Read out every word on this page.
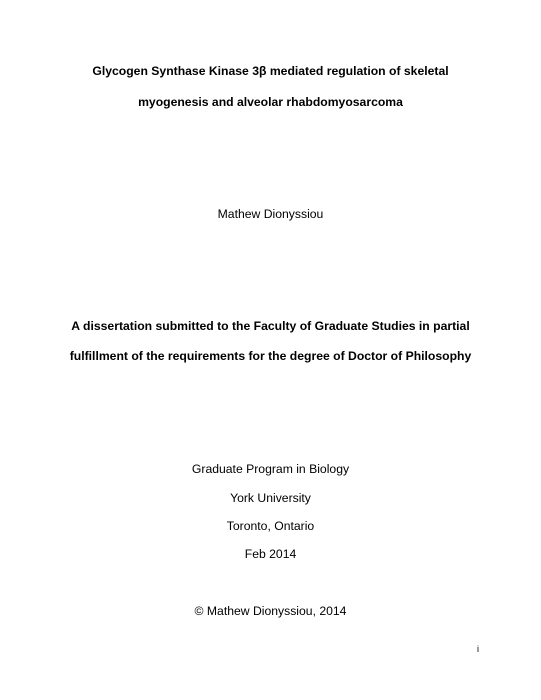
Glycogen Synthase Kinase 3β mediated regulation of skeletal
myogenesis and alveolar rhabdomyosarcoma
Mathew Dionyssiou
A dissertation submitted to the Faculty of Graduate Studies in partial
fulfillment of the requirements for the degree of Doctor of Philosophy
Graduate Program in Biology
York University
Toronto, Ontario
Feb 2014
© Mathew Dionyssiou, 2014
i
